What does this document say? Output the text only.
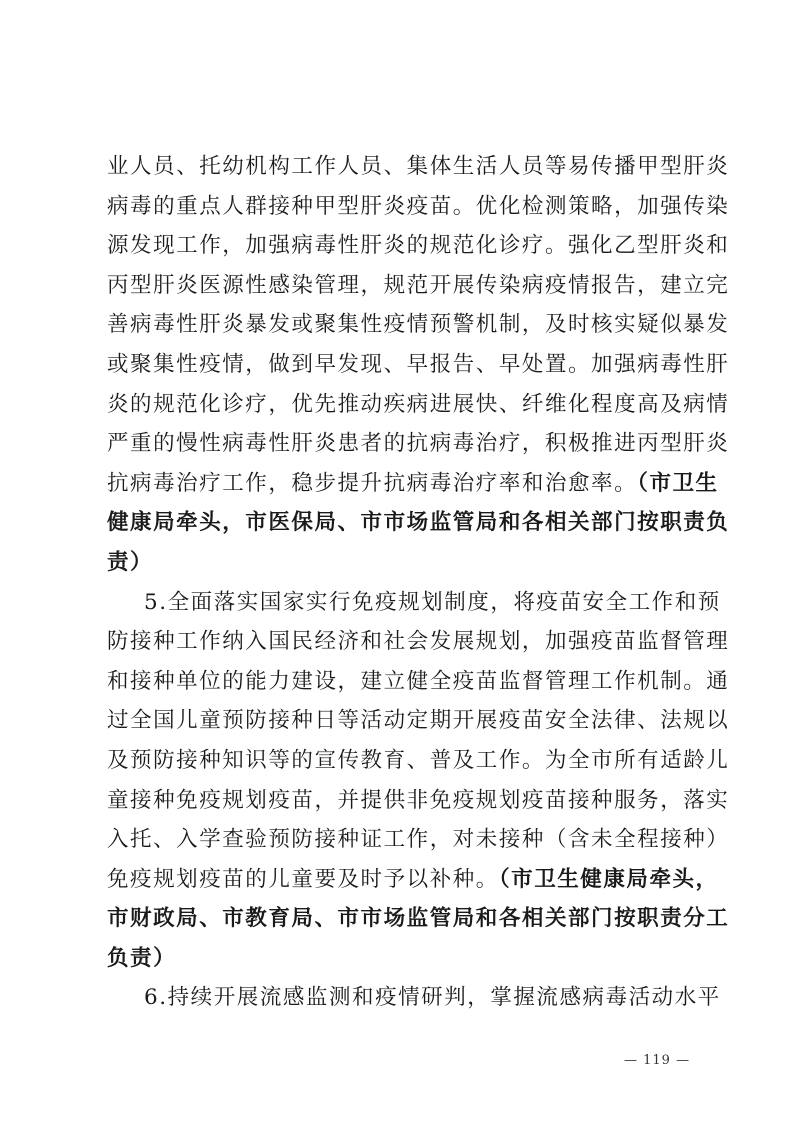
业人员、托幼机构工作人员、集体生活人员等易传播甲型肝炎
病毒的重点人群接种甲型肝炎疫苗。优化检测策略，加强传染
源发现工作，加强病毒性肝炎的规范化诊疗。强化乙型肝炎和
丙型肝炎医源性感染管理，规范开展传染病疫情报告，建立完
善病毒性肝炎暴发或聚集性疫情预警机制，及时核实疑似暴发
或聚集性疫情，做到早发现、早报告、早处置。加强病毒性肝
炎的规范化诊疗，优先推动疾病进展快、纤维化程度高及病情
严重的慢性病毒性肝炎患者的抗病毒治疗，积极推进丙型肝炎
抗病毒治疗工作，稳步提升抗病毒治疗率和治愈率。（市卫生
健康局牵头，市医保局、市市场监管局和各相关部门按职责负
责）
5.全面落实国家实行免疫规划制度，将疫苗安全工作和预
防接种工作纳入国民经济和社会发展规划，加强疫苗监督管理
和接种单位的能力建设，建立健全疫苗监督管理工作机制。通
过全国儿童预防接种日等活动定期开展疫苗安全法律、法规以
及预防接种知识等的宣传教育、普及工作。为全市所有适龄儿
童接种免疫规划疫苗，并提供非免疫规划疫苗接种服务，落实
入托、入学查验预防接种证工作，对未接种（含未全程接种）
免疫规划疫苗的儿童要及时予以补种。（市卫生健康局牵头，
市财政局、市教育局、市市场监管局和各相关部门按职责分工
负责）
6.持续开展流感监测和疫情研判，掌握流感病毒活动水平
— 119 —
